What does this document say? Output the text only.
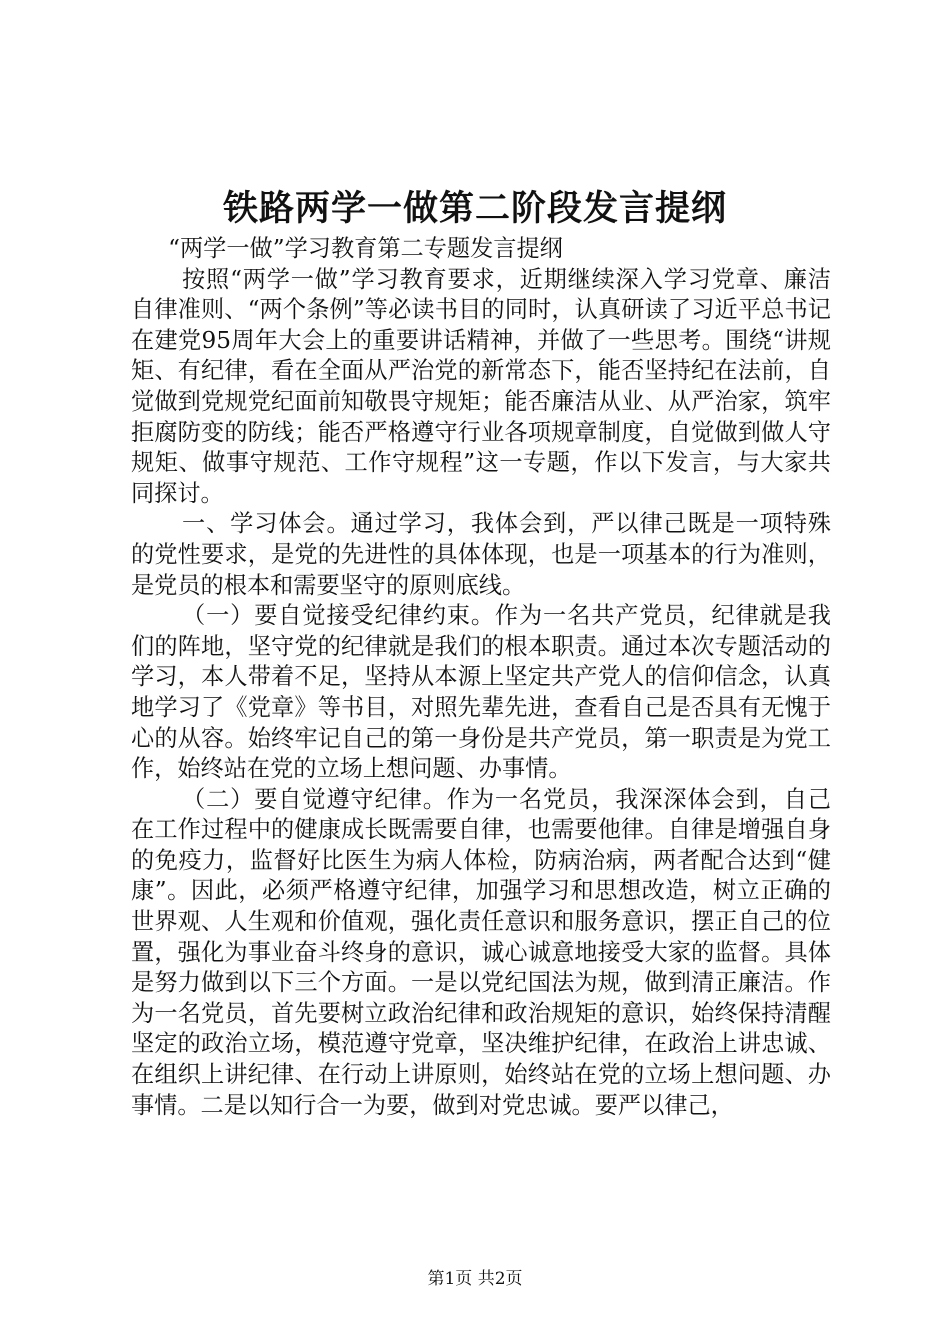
铁路两学一做第二阶段发言提纲

“两学一做”学习教育第二专题发言提纲

按照“两学一做”学习教育要求，近期继续深入学习党章、廉洁自律准则、“两个条例”等必读书目的同时，认真研读了习近平总书记在建党95周年大会上的重要讲话精神，并做了一些思考。围绕“讲规矩、有纪律，看在全面从严治党的新常态下，能否坚持纪在法前，自觉做到党规党纪面前知敬畏守规矩；能否廉洁从业、从严治家，筑牢拒腐防变的防线；能否严格遵守行业各项规章制度，自觉做到做人守规矩、做事守规范、工作守规程”这一专题，作以下发言，与大家共同探讨。

一、学习体会。通过学习，我体会到，严以律己既是一项特殊的党性要求，是党的先进性的具体体现，也是一项基本的行为准则，是党员的根本和需要坚守的原则底线。

（一）要自觉接受纪律约束。作为一名共产党员，纪律就是我们的阵地，坚守党的纪律就是我们的根本职责。通过本次专题活动的学习，本人带着不足，坚持从本源上坚定共产党人的信仰信念，认真地学习了《党章》等书目，对照先辈先进，查看自己是否具有无愧于心的从容。始终牢记自己的第一身份是共产党员，第一职责是为党工作，始终站在党的立场上想问题、办事情。

（二）要自觉遵守纪律。作为一名党员，我深深体会到，自己在工作过程中的健康成长既需要自律，也需要他律。自律是增强自身的免疫力，监督好比医生为病人体检，防病治病，两者配合达到“健康”。因此，必须严格遵守纪律，加强学习和思想改造，树立正确的世界观、人生观和价值观，强化责任意识和服务意识，摆正自己的位置，强化为事业奋斗终身的意识，诚心诚意地接受大家的监督。具体是努力做到以下三个方面。一是以党纪国法为规，做到清正廉洁。作为一名党员，首先要树立政治纪律和政治规矩的意识，始终保持清醒坚定的政治立场，模范遵守党章，坚决维护纪律，在政治上讲忠诚、在组织上讲纪律、在行动上讲原则，始终站在党的立场上想问题、办事情。二是以知行合一为要，做到对党忠诚。要严以律己，

第1页 共2页
